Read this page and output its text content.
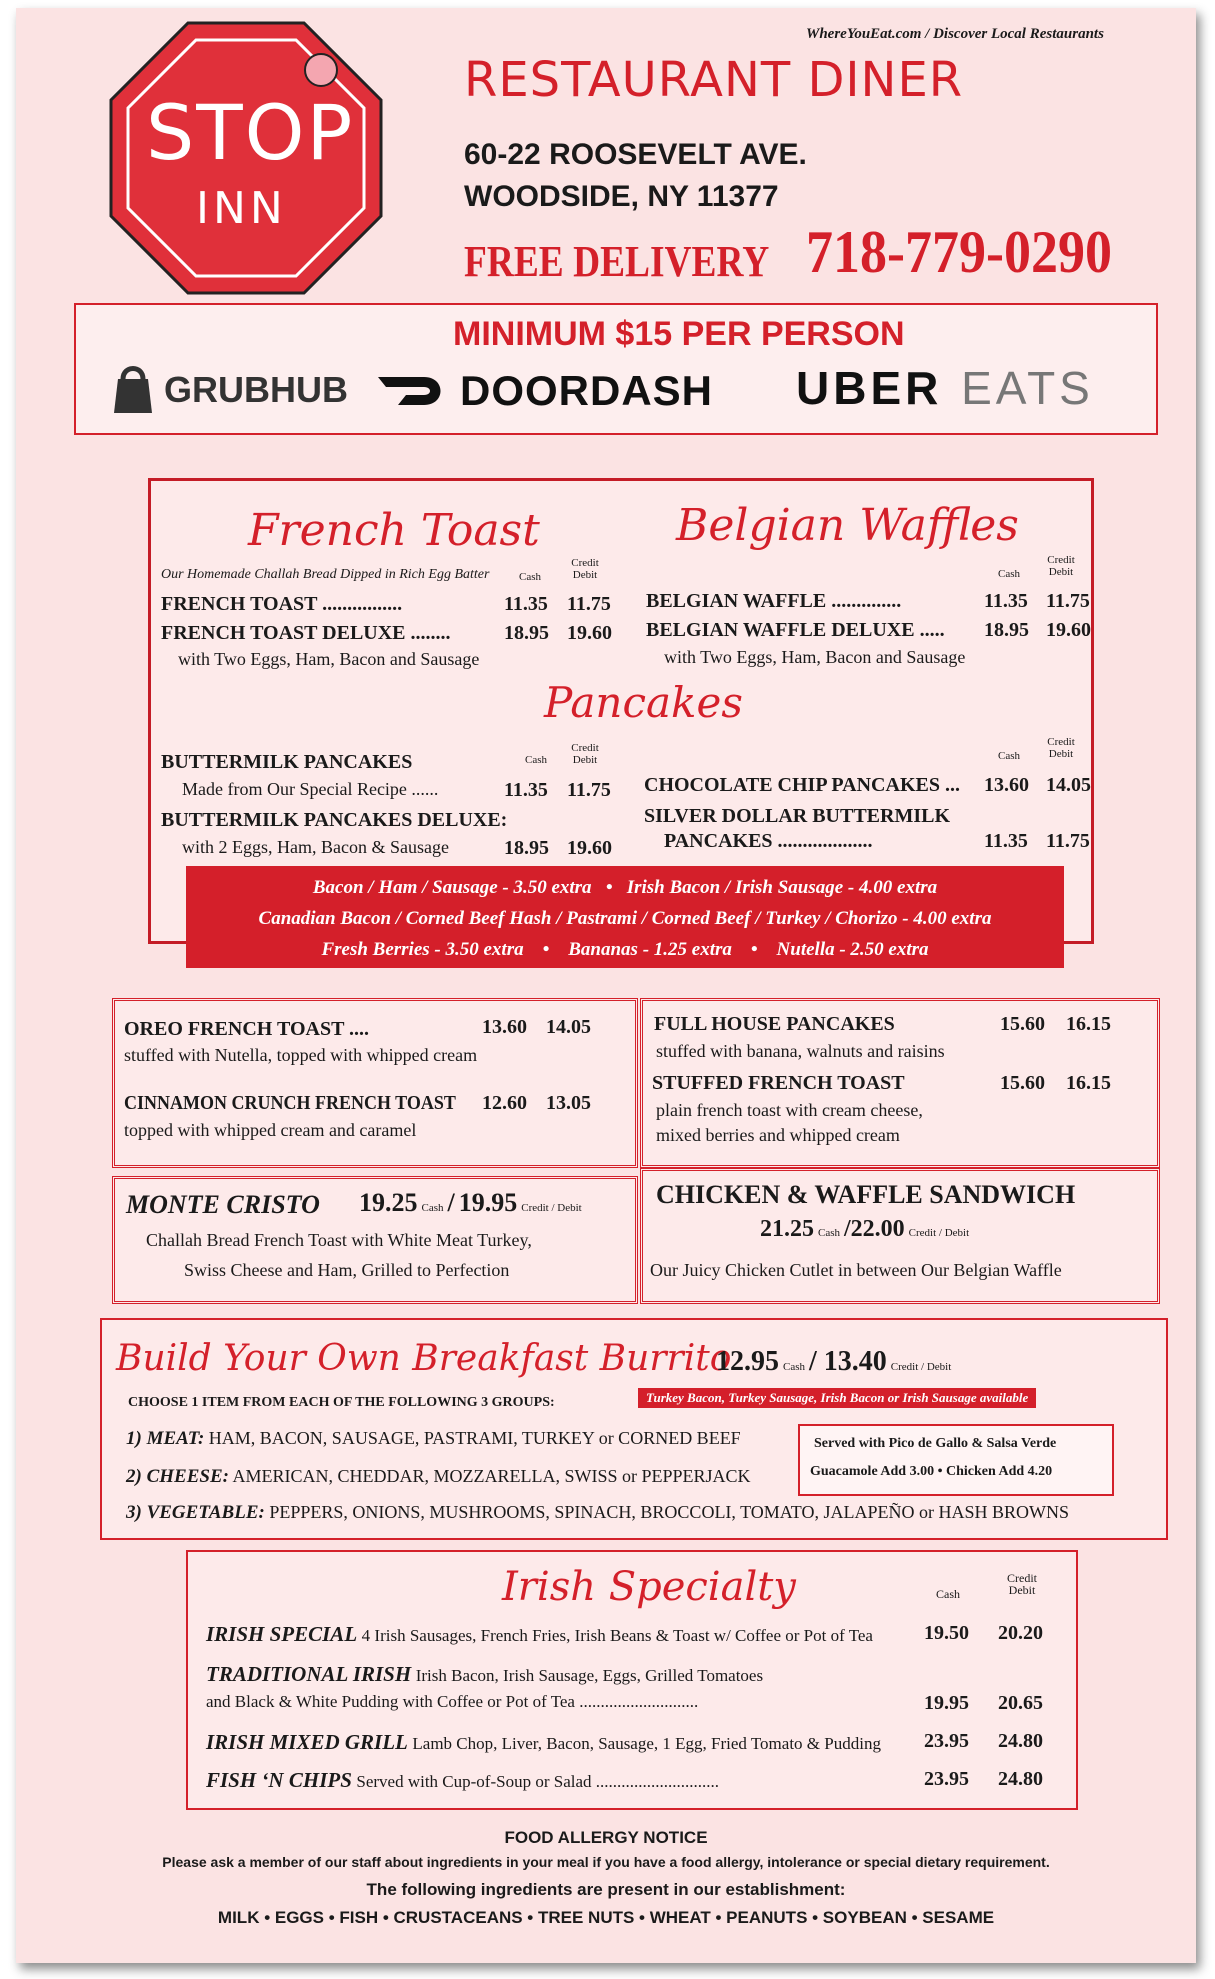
WhereYouEat.com / Discover Local Restaurants
STOP
INN
RESTAURANT DINER
60-22 ROOSEVELT AVE.
WOODSIDE, NY 11377
FREE DELIVERY 718-779-0290
MINIMUM $15 PER PERSON
GRUBHUB	DOORDASH UBER EATS
French Toast
Our Homemade Challah Bread Dipped in Rich Egg Batter	Cash
Credit Debit
FRENCH TOAST ................	11.35 11.75
FRENCH TOAST DELUXE ........	18.95 19.60
with Two Eggs, Ham, Bacon and Sausage
Belgian Waffles
Cash
Credit Debit
BELGIAN WAFFLE ..............	11.35 11.75
BELGIAN WAFFLE DELUXE ..... 18.95 19.60
with Two Eggs, Ham, Bacon and Sausage
Pancakes
Cash
Credit Debit
BUTTERMILK PANCAKES
Made from Our Special Recipe ......	11.35 11.75
BUTTERMILK PANCAKES DELUXE:
with 2 Eggs, Ham, Bacon & Sausage	18.95 19.60
Cash
Credit Debit
CHOCOLATE CHIP PANCAKES ... 13.60 14.05
SILVER DOLLAR BUTTERMILK
PANCAKES ...................	11.35 11.75
Bacon / Ham / Sausage - 3.50 extra • Irish Bacon / Irish Sausage - 4.00 extra
Canadian Bacon / Corned Beef Hash / Pastrami / Corned Beef / Turkey / Chorizo - 4.00 extra
Fresh Berries - 3.50 extra • Bananas - 1.25 extra • Nutella - 2.50 extra
OREO FRENCH TOAST ....	13.60 14.05
stuffed with Nutella, topped with whipped cream
CINNAMON CRUNCH FRENCH TOAST 12.60 13.05
topped with whipped cream and caramel
FULL HOUSE PANCAKES	15.60 16.15
stuffed with banana, walnuts and raisins
STUFFED FRENCH TOAST	15.60 16.15
plain french toast with cream cheese,
mixed berries and whipped cream
MONTE CRISTO 19.25 Cash / 19.95 Credit / Debit
Challah Bread French Toast with White Meat Turkey,
Swiss Cheese and Ham, Grilled to Perfection
CHICKEN & WAFFLE SANDWICH
21.25 Cash /22.00 Credit / Debit
Our Juicy Chicken Cutlet in between Our Belgian Waffle
Build Your Own Breakfast Burrito
12.95 Cash / 13.40 Credit / Debit
CHOOSE 1 ITEM FROM EACH OF THE FOLLOWING 3 GROUPS:	Turkey Bacon, Turkey Sausage, Irish Bacon or Irish Sausage available
1) MEAT: HAM, BACON, SAUSAGE, PASTRAMI, TURKEY or CORNED BEEF
2) CHEESE: AMERICAN, CHEDDAR, MOZZARELLA, SWISS or PEPPERJACK
3) VEGETABLE: PEPPERS, ONIONS, MUSHROOMS, SPINACH, BROCCOLI, TOMATO, JALAPEÑO or HASH BROWNS
Served with Pico de Gallo & Salsa Verde
Guacamole Add 3.00 • Chicken Add 4.20
Irish Specialty	Cash
Credit Debit
IRISH SPECIAL 4 Irish Sausages, French Fries, Irish Beans & Toast w/ Coffee or Pot of Tea	19.50 20.20
TRADITIONAL IRISH Irish Bacon, Irish Sausage, Eggs, Grilled Tomatoes
and Black & White Pudding with Coffee or Pot of Tea ............................	19.95 20.65
IRISH MIXED GRILL Lamb Chop, Liver, Bacon, Sausage, 1 Egg, Fried Tomato & Pudding 23.95 24.80
FISH ‘N CHIPS Served with Cup-of-Soup or Salad .............................	23.95 24.80
FOOD ALLERGY NOTICE
Please ask a member of our staff about ingredients in your meal if you have a food allergy, intolerance or special dietary requirement.
The following ingredients are present in our establishment:
MILK • EGGS • FISH • CRUSTACEANS • TREE NUTS • WHEAT • PEANUTS • SOYBEAN • SESAME
